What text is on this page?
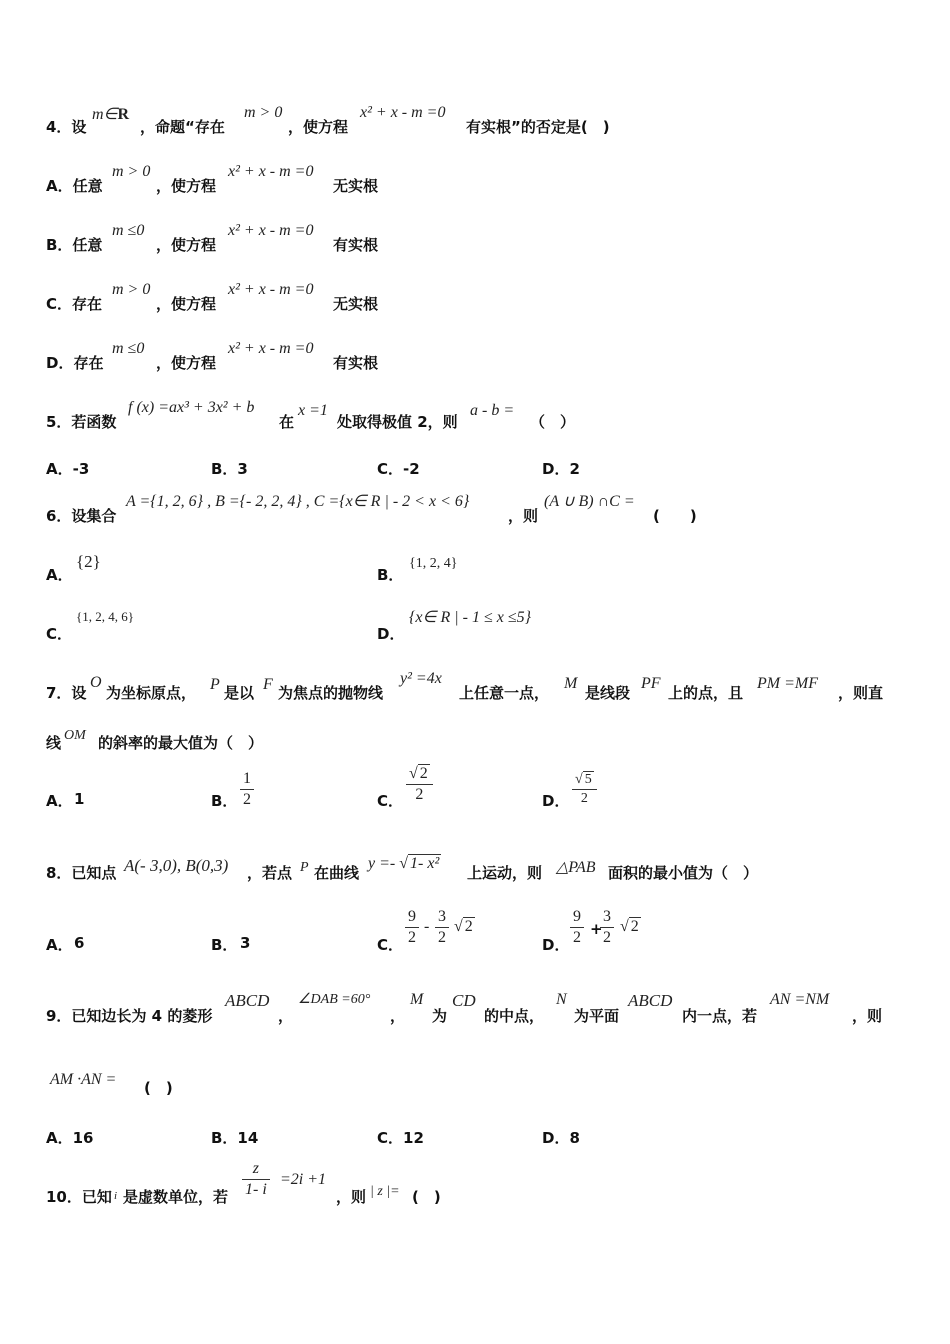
4．设
m∈R
，命题“存在
m > 0
，使方程
x² + x - m =0
有实根”的否定是(　)
A．任意
m > 0
，使方程
x² + x - m =0
无实根
B．任意
m ≤0
，使方程
x² + x - m =0
有实根
C．存在
m > 0
，使方程
x² + x - m =0
无实根
D．存在
m ≤0
，使方程
x² + x - m =0
有实根
5．若函数
f (x) =ax³ + 3x² + b
在
x =1
处取得极值 2，则
a - b =
（　）
A．-3	B．3	C．-2	D．2
6．设集合
A ={1, 2, 6} , B ={- 2, 2, 4} , C ={x∈ R | - 2 < x < 6}
，则
(A ∪ B) ∩C =
(　　)
A．
{2}
B．
{1, 2, 4}
C．
{1, 2, 4, 6}
D．
{x∈ R | - 1 ≤ x ≤5}
7．设
O
为坐标原点， P 是以 F 为焦点的抛物线
y² =4x
上任意一点，
M
是线段
PF
上的点，且
PM =MF
，则直
线 OM 的斜率的最大值为（　）
A． 1	B．
1
2	C．
√ 2
2	D．
√ 5
2
8．已知点 A(- 3,0), B(0,3) ，若点 P 在曲线
y =- √ 1- x²
上运动，则 △PAB 面积的最小值为（　）
A． 6	B． 3	C．
9
2
-
3
2
√ 2
D．
9
2 +
3
2
√ 2
9．已知边长为 4 的菱形
ABCD
，
∠DAB =60°
，
M
为
CD
的中点，
N
为平面
ABCD
内一点，若
AN =NM
，则
AM ·AN = (　)
A．16	B．14	C．12	D．8
10．已知 i 是虚数单位，若
z
1- i
=2i +1
，则 | z |= (　)
